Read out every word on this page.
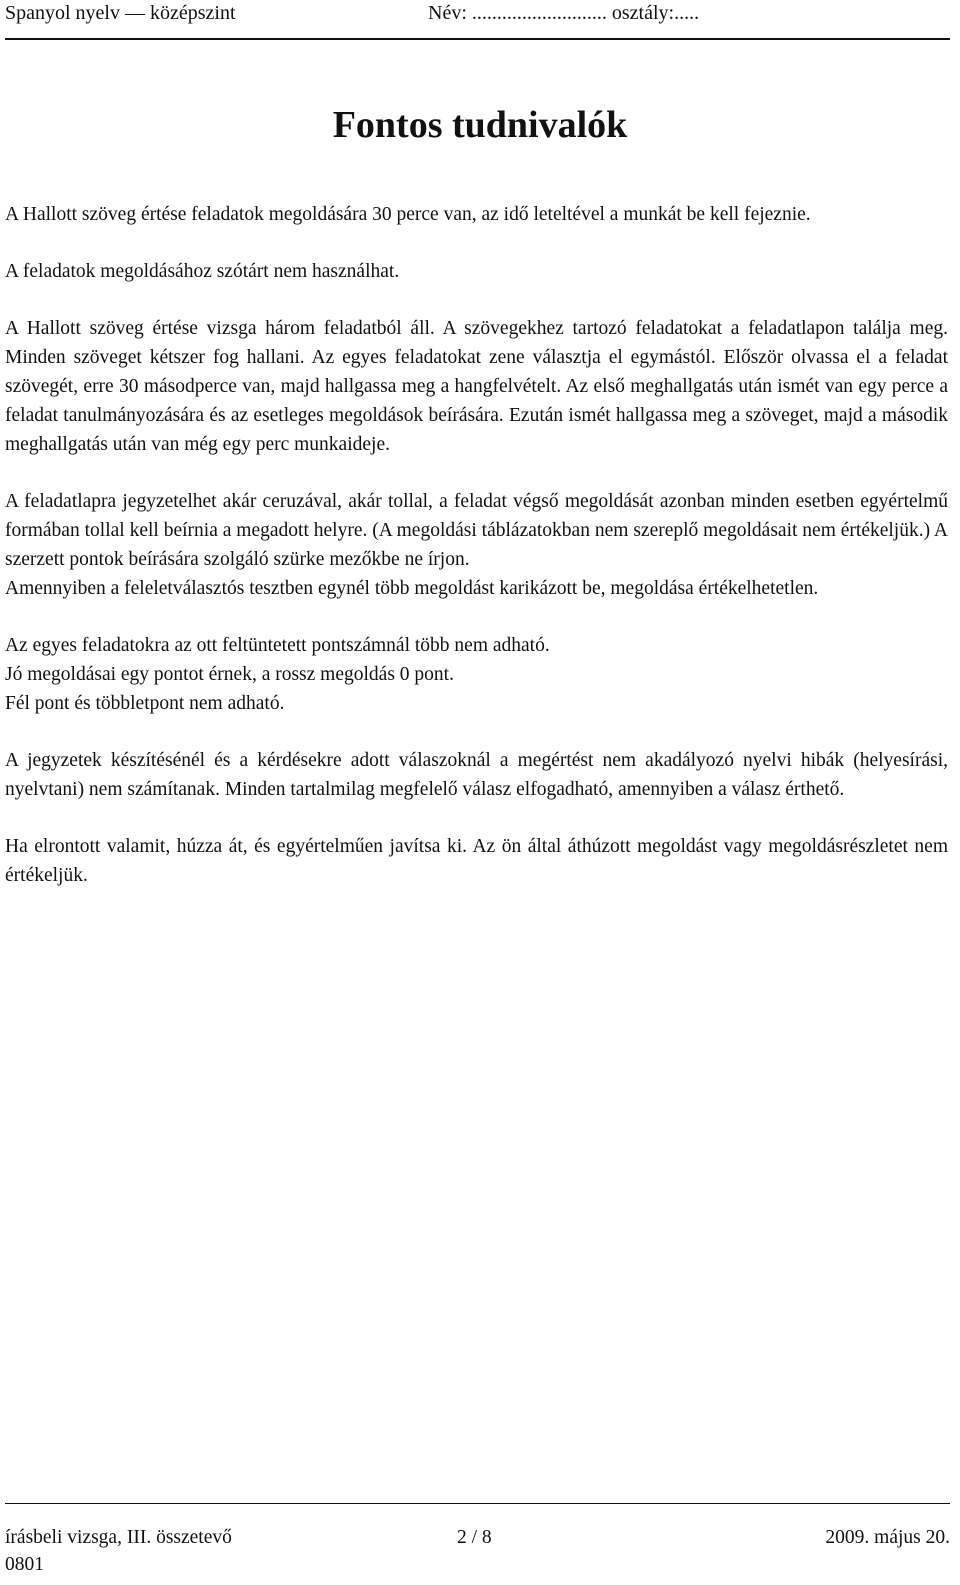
Spanyol nyelv — középszint	Név: ........................... osztály:.....
Fontos tudnivalók

A Hallott szöveg értése feladatok megoldására 30 perce van, az idő leteltével a munkát be kell fejeznie.

A feladatok megoldásához szótárt nem használhat.

A Hallott szöveg értése vizsga három feladatból áll. A szövegekhez tartozó feladatokat a feladatlapon találja meg. Minden szöveget kétszer fog hallani. Az egyes feladatokat zene választja el egymástól. Először olvassa el a feladat szövegét, erre 30 másodperce van, majd hallgassa meg a hangfelvételt. Az első meghallgatás után ismét van egy perce a feladat tanulmányozására és az esetleges megoldások beírására. Ezután ismét hallgassa meg a szöveget, majd a második meghallgatás után van még egy perc munkaideje.

A feladatlapra jegyzetelhet akár ceruzával, akár tollal, a feladat végső megoldását azonban minden esetben egyértelmű formában tollal kell beírnia a megadott helyre. (A megoldási táblázatokban nem szereplő megoldásait nem értékeljük.) A szerzett pontok beírására szolgáló szürke mezőkbe ne írjon.

Amennyiben a feleletválasztós tesztben egynél több megoldást karikázott be, megoldása értékelhetetlen.

Az egyes feladatokra az ott feltüntetett pontszámnál több nem adható.

Jó megoldásai egy pontot érnek, a rossz megoldás 0 pont.

Fél pont és többletpont nem adható.

A jegyzetek készítésénél és a kérdésekre adott válaszoknál a megértést nem akadályozó nyelvi hibák (helyesírási, nyelvtani) nem számítanak. Minden tartalmilag megfelelő válasz elfogadható, amennyiben a válasz érthető.

Ha elrontott valamit, húzza át, és egyértelműen javítsa ki. Az ön által áthúzott megoldást vagy megoldásrészletet nem értékeljük.

írásbeli vizsga, III. összetevő	2 / 8	2009. május 20.
0801
